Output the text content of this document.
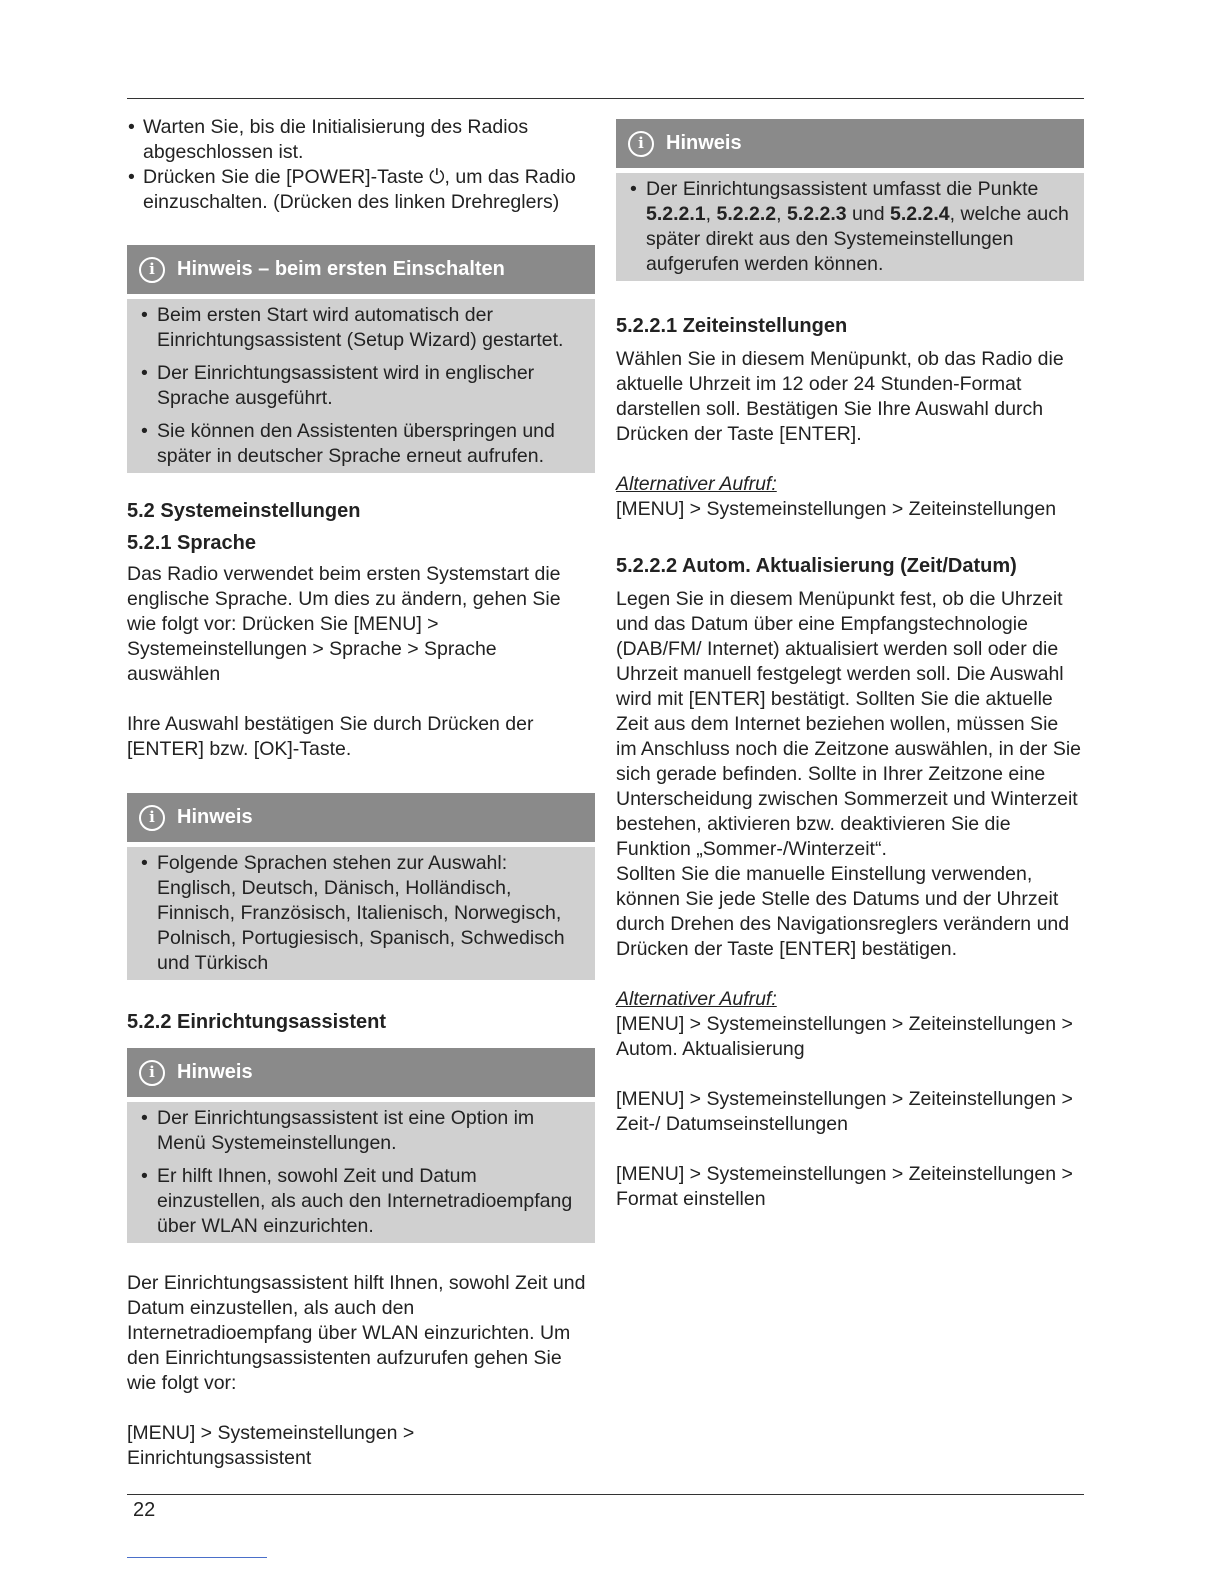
• Warten Sie, bis die Initialisierung des Radios abgeschlossen ist.
• Drücken Sie die [POWER]-Taste ⏻, um das Radio einzuschalten. (Drücken des linken Drehreglers)
i	Hinweis – beim ersten Einschalten
• Beim ersten Start wird automatisch der Einrichtungsassistent (Setup Wizard) gestartet.
• Der Einrichtungsassistent wird in englischer Sprache ausgeführt.
• Sie können den Assistenten überspringen und später in deutscher Sprache erneut aufrufen.
5.2 Systemeinstellungen
5.2.1 Sprache

Das Radio verwendet beim ersten Systemstart die englische Sprache. Um dies zu ändern, gehen Sie wie folgt vor: Drücken Sie [MENU] > Systemeinstellungen > Sprache > Sprache auswählen

Ihre Auswahl bestätigen Sie durch Drücken der [ENTER] bzw. [OK]-Taste.

i	Hinweis
• Folgende Sprachen stehen zur Auswahl: Englisch, Deutsch, Dänisch, Holländisch, Finnisch, Französisch, Italienisch, Norwegisch, Polnisch, Portugiesisch, Spanisch, Schwedisch und Türkisch
5.2.2 Einrichtungsassistent
i	Hinweis
• Der Einrichtungsassistent ist eine Option im Menü Systemeinstellungen.
• Er hilft Ihnen, sowohl Zeit und Datum einzustellen, als auch den Internetradioempfang über WLAN einzurichten.

Der Einrichtungsassistent hilft Ihnen, sowohl Zeit und Datum einzustellen, als auch den Internetradioempfang über WLAN einzurichten. Um den Einrichtungsassistenten aufzurufen gehen Sie wie folgt vor:

[MENU] > Systemeinstellungen > Einrichtungsassistent

i	Hinweis
• Der Einrichtungsassistent umfasst die Punkte 5.2.2.1, 5.2.2.2, 5.2.2.3 und 5.2.2.4, welche auch später direkt aus den Systemeinstellungen aufgerufen werden können.
5.2.2.1 Zeiteinstellungen

Wählen Sie in diesem Menüpunkt, ob das Radio die aktuelle Uhrzeit im 12 oder 24 Stunden-Format darstellen soll. Bestätigen Sie Ihre Auswahl durch Drücken der Taste [ENTER].

Alternativer Aufruf:

[MENU] > Systemeinstellungen > Zeiteinstellungen

5.2.2.2 Autom. Aktualisierung (Zeit/Datum)

Legen Sie in diesem Menüpunkt fest, ob die Uhrzeit und das Datum über eine Empfangstechnologie (DAB/FM/ Internet) aktualisiert werden soll oder die Uhrzeit manuell festgelegt werden soll. Die Auswahl wird mit [ENTER] bestätigt. Sollten Sie die aktuelle Zeit aus dem Internet beziehen wollen, müssen Sie im Anschluss noch die Zeitzone auswählen, in der Sie sich gerade befinden. Sollte in Ihrer Zeitzone eine Unterscheidung zwischen Sommerzeit und Winterzeit bestehen, aktivieren bzw. deaktivieren Sie die Funktion „Sommer-/Winterzeit“.

Sollten Sie die manuelle Einstellung verwenden, können Sie jede Stelle des Datums und der Uhrzeit durch Drehen des Navigationsreglers verändern und Drücken der Taste [ENTER] bestätigen.

Alternativer Aufruf:

[MENU] > Systemeinstellungen > Zeiteinstellungen > Autom. Aktualisierung

[MENU] > Systemeinstellungen > Zeiteinstellungen > Zeit-/ Datumseinstellungen

[MENU] > Systemeinstellungen > Zeiteinstellungen > Format einstellen

22
